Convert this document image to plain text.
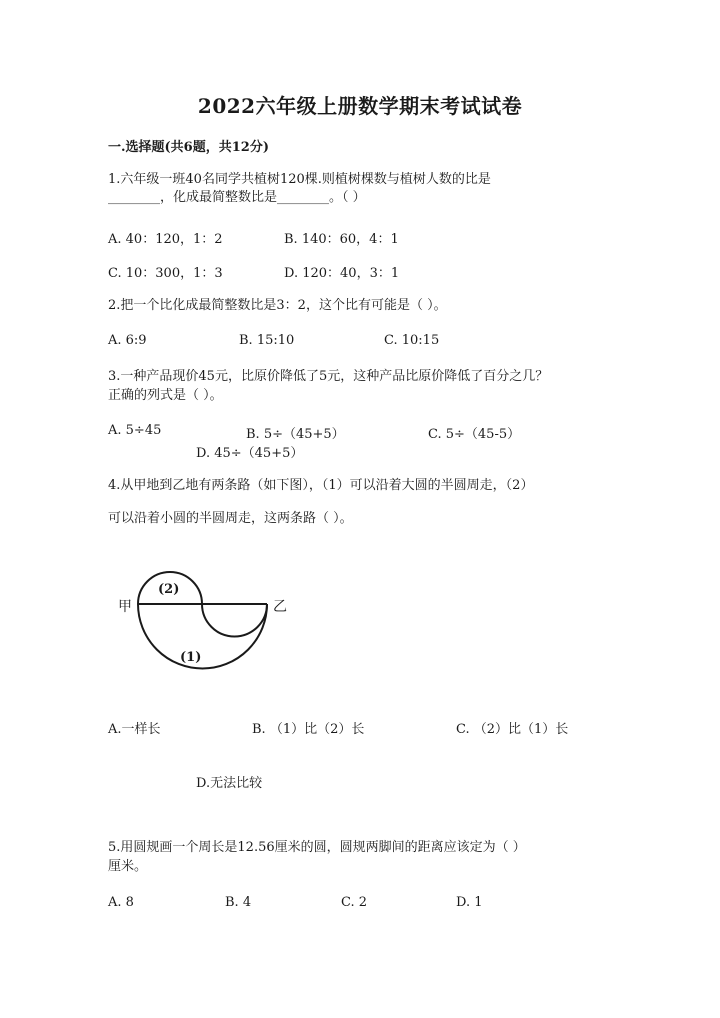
2022六年级上册数学期末考试试卷
一.选择题(共6题，共12分)
1.六年级一班40名同学共植树120棵.则植树棵数与植树人数的比是
________，化成最简整数比是________。（ ）
A. 40：120，1：2	B. 140：60，4：1
C. 10：300，1：3	D. 120：40，3：1
2.把一个比化成最简整数比是3：2，这个比有可能是（ ）。
A. 6:9	B. 15:10	C. 10:15
3.一种产品现价45元，比原价降低了5元，这种产品比原价降低了百分之几？
正确的列式是（ ）。
A. 5÷45	B. 5÷（45+5）	C. 5÷（45-5）
D. 45÷（45+5）
4.从甲地到乙地有两条路（如下图），（1）可以沿着大圆的半圆周走，（2）
可以沿着小圆的半圆周走，这两条路（ ）。
甲	乙
(2)
(1)
A.一样长	B. （1）比（2）长	C. （2）比（1）长
D.无法比较
5.用圆规画一个周长是12.56厘米的圆，圆规两脚间的距离应该定为（ ）
厘米。
A. 8	B. 4	C. 2	D. 1
